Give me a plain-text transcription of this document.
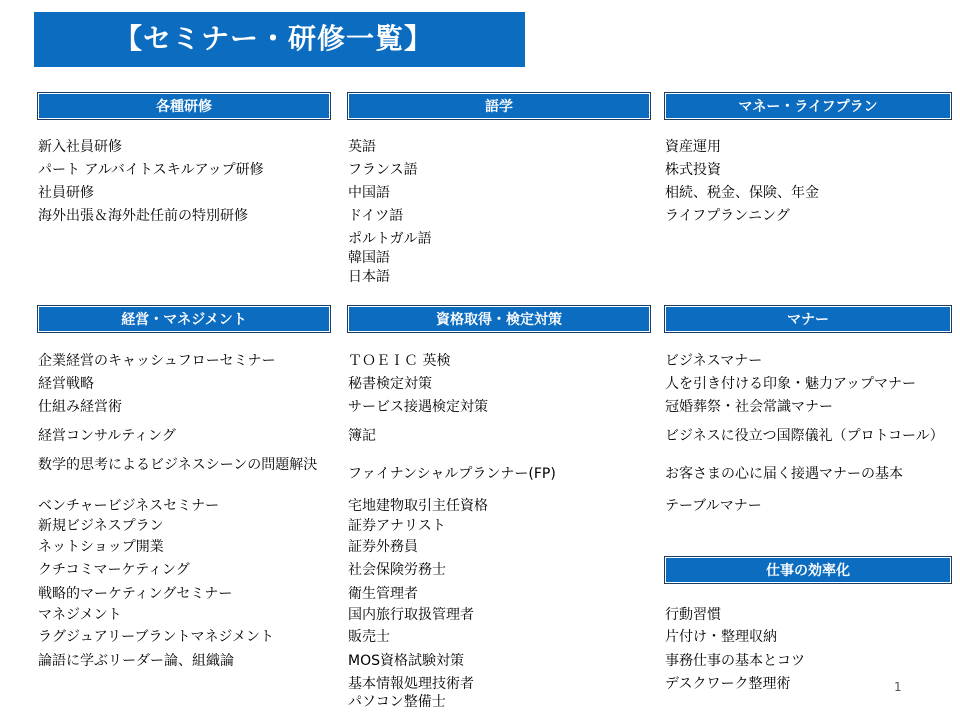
【セミナー・研修一覧】
各種研修	語学	マネー・ライフプラン
新入社員研修
パート アルバイトスキルアップ研修
社員研修
海外出張＆海外赴任前の特別研修
英語
フランス語
中国語
ドイツ語
ポルトガル語
韓国語
日本語
資産運用
株式投資
相続、税金、保険、年金
ライフプランニング
経営・マネジメント	資格取得・検定対策	マナー
企業経営のキャッシュフローセミナー
経営戦略
仕組み経営術
経営コンサルティング
数学的思考によるビジネスシーンの問題解決
ベンチャービジネスセミナー
新規ビジネスプラン
ネットショップ開業
クチコミマーケティング
戦略的マーケティングセミナー
マネジメント
ラグジュアリーブラントマネジメント
論語に学ぶリーダー論、組織論
ＴＯＥＩＣ 英検
秘書検定対策
サービス接遇検定対策
簿記
ファイナンシャルプランナー(FP)
宅地建物取引主任資格
証券アナリスト
証券外務員
社会保険労務士
衛生管理者
国内旅行取扱管理者
販売士
MOS資格試験対策
基本情報処理技術者
パソコン整備士
ビジネスマナー
人を引き付ける印象・魅力アップマナー
冠婚葬祭・社会常識マナー
ビジネスに役立つ国際儀礼（プロトコール）
お客さまの心に届く接遇マナーの基本
テーブルマナー
仕事の効率化
行動習慣
片付け・整理収納
事務仕事の基本とコツ
デスクワーク整理術	1
